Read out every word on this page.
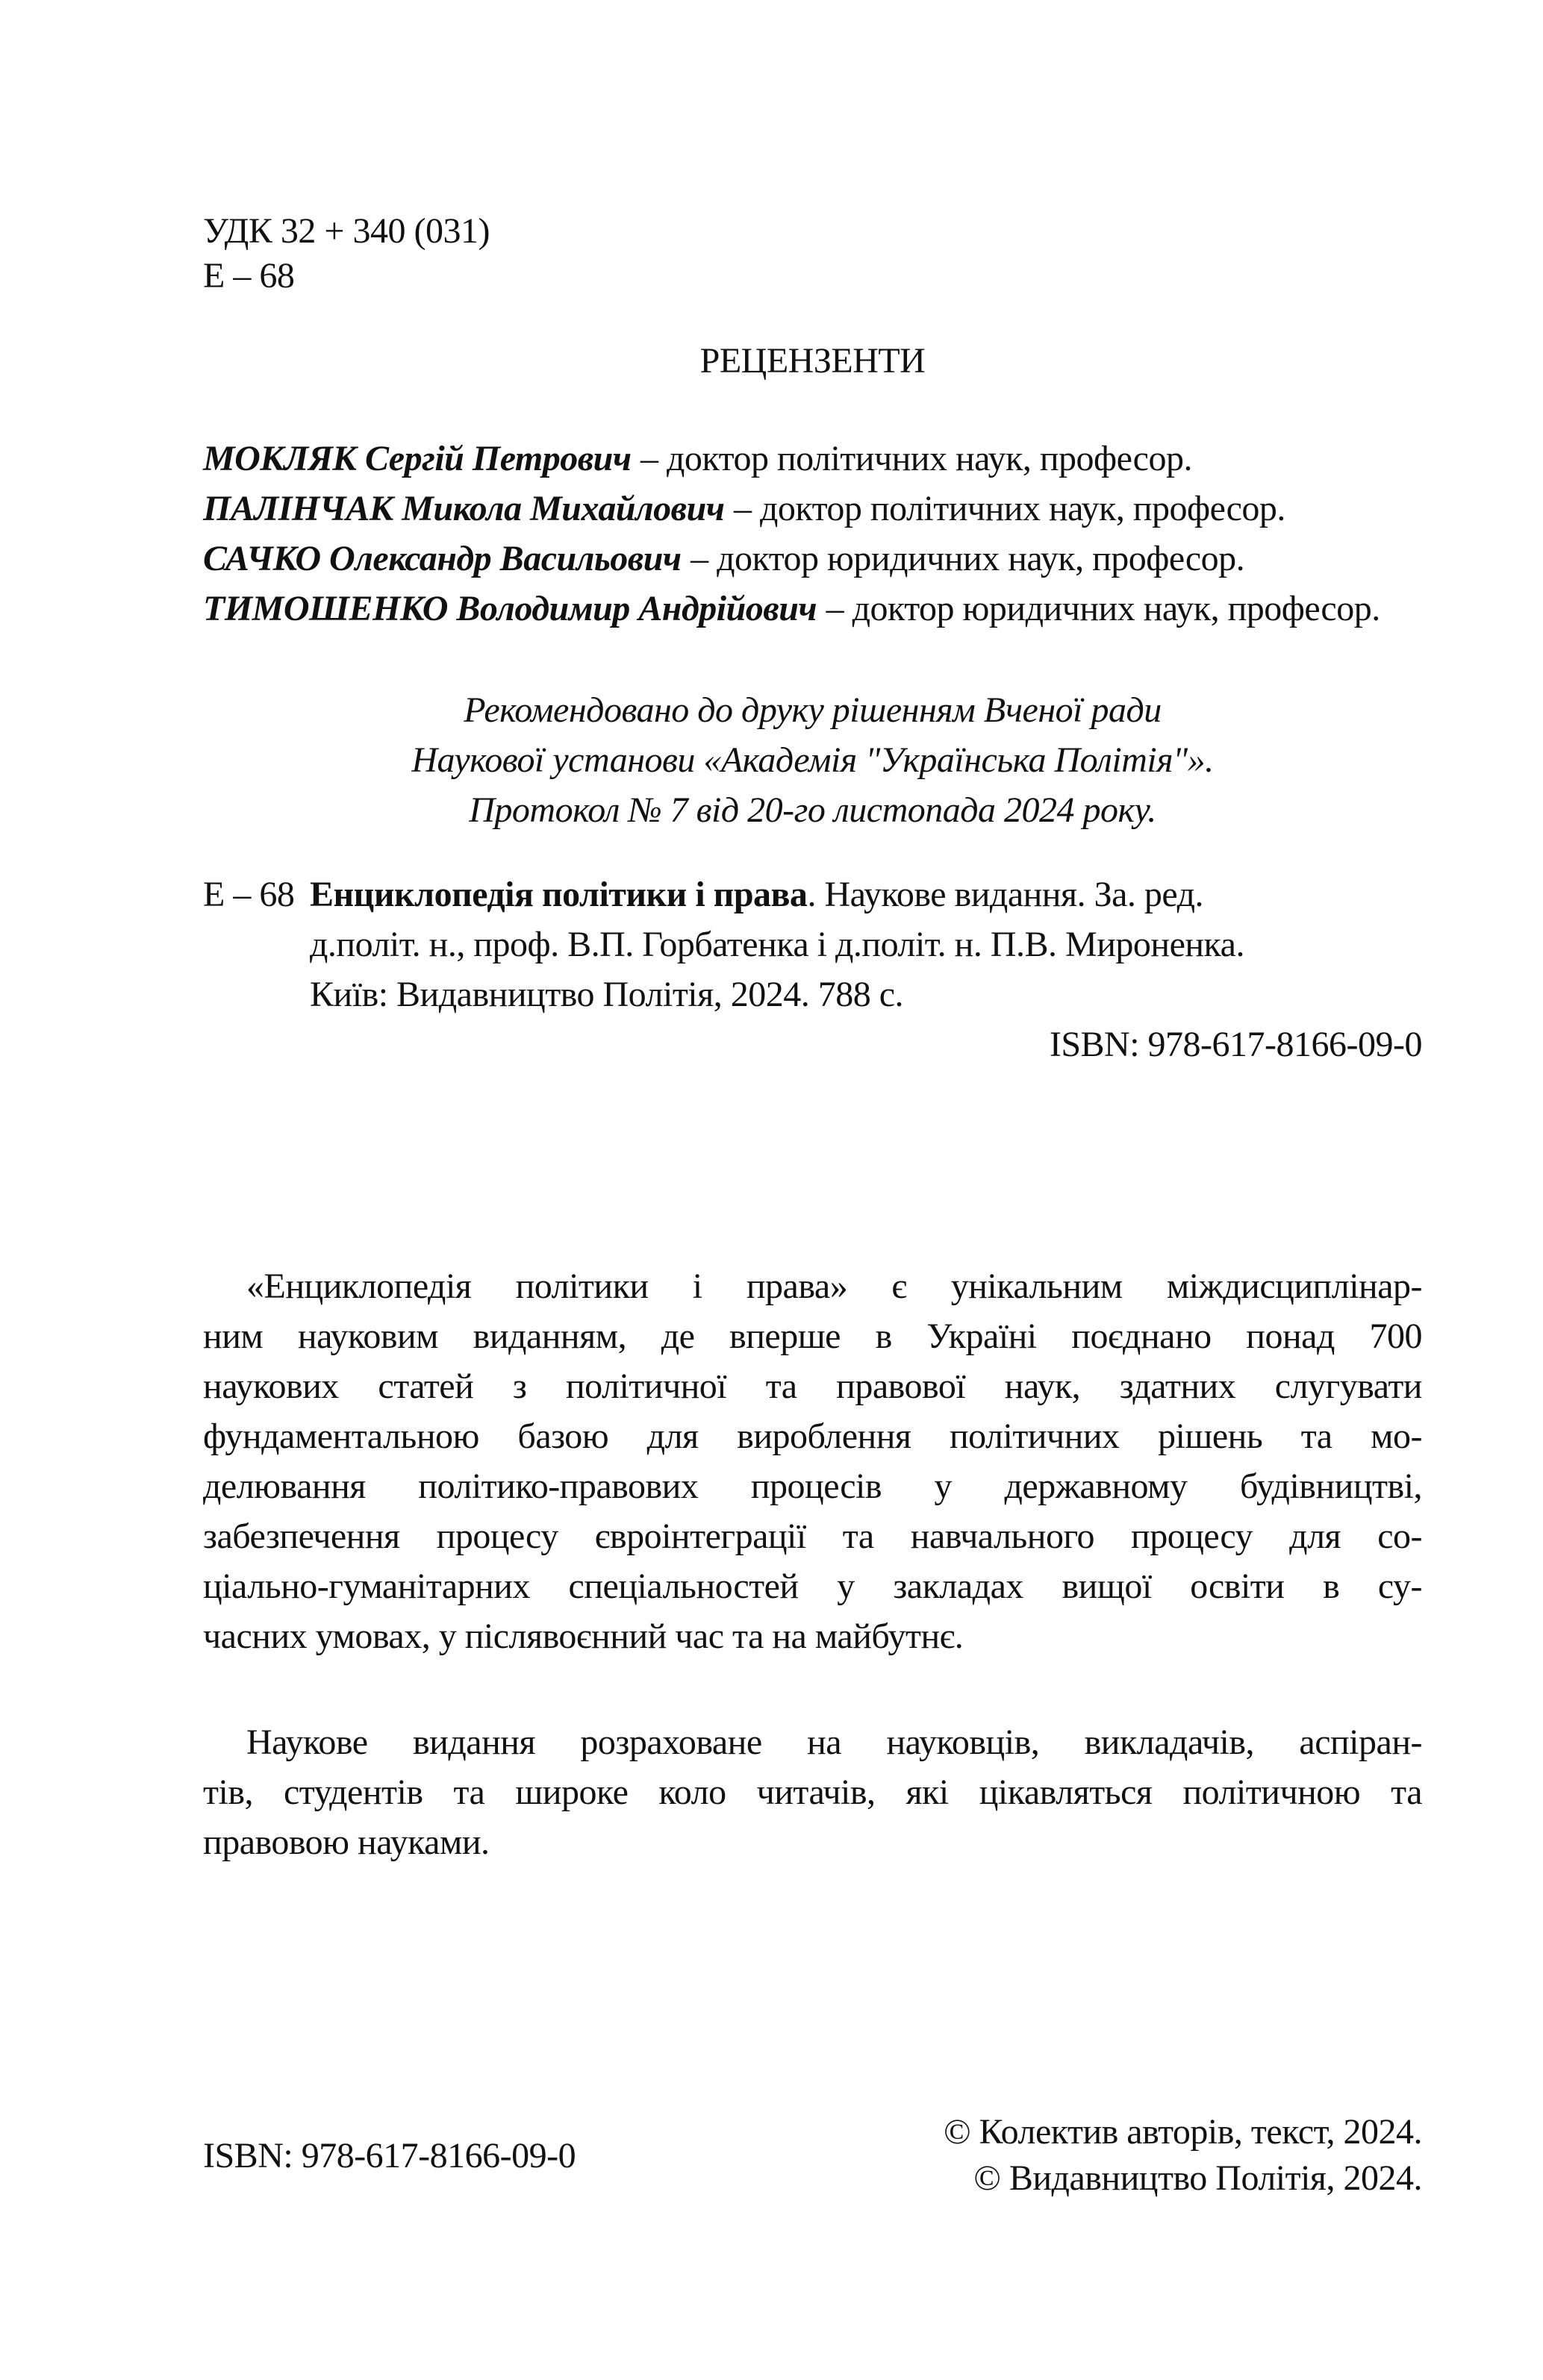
УДК 32 + 340 (031)
Е – 68
РЕЦЕНЗЕНТИ
МОКЛЯК Сергій Петрович – доктор політичних наук, професор.
ПАЛІНЧАК Микола Михайлович – доктор політичних наук, професор.
САЧКО Олександр Васильович – доктор юридичних наук, професор.
ТИМОШЕНКО Володимир Андрійович – доктор юридичних наук, професор.
Рекомендовано до друку рішенням Вченої ради
Наукової установи «Академія "Українська Політія"».
Протокол № 7 від 20-го листопада 2024 року.
Е – 68 Енциклопедія політики і права. Наукове видання. За. ред.
д.політ. н., проф. В.П. Горбатенка і д.політ. н. П.В. Мироненка.
Київ: Видавництво Політія, 2024. 788 с.
ISBN: 978-617-8166-09-0
«Енциклопедія політики і права» є унікальним міждисциплінар-
ним науковим виданням, де вперше в Україні поєднано понад 700
наукових статей з політичної та правової наук, здатних слугувати
фундаментальною базою для вироблення політичних рішень та мо-
делювання політико-правових процесів у державному будівництві,
забезпечення процесу євроінтеграції та навчального процесу для со-
ціально-гуманітарних спеціальностей у закладах вищої освіти в су-
часних умовах, у післявоєнний час та на майбутнє.
Наукове видання розраховане на науковців, викладачів, аспіран-
тів, студентів та широке коло читачів, які цікавляться політичною та
правовою науками.
ISBN: 978-617-8166-09-0
© Колектив авторів, текст, 2024.
© Видавництво Політія, 2024.
